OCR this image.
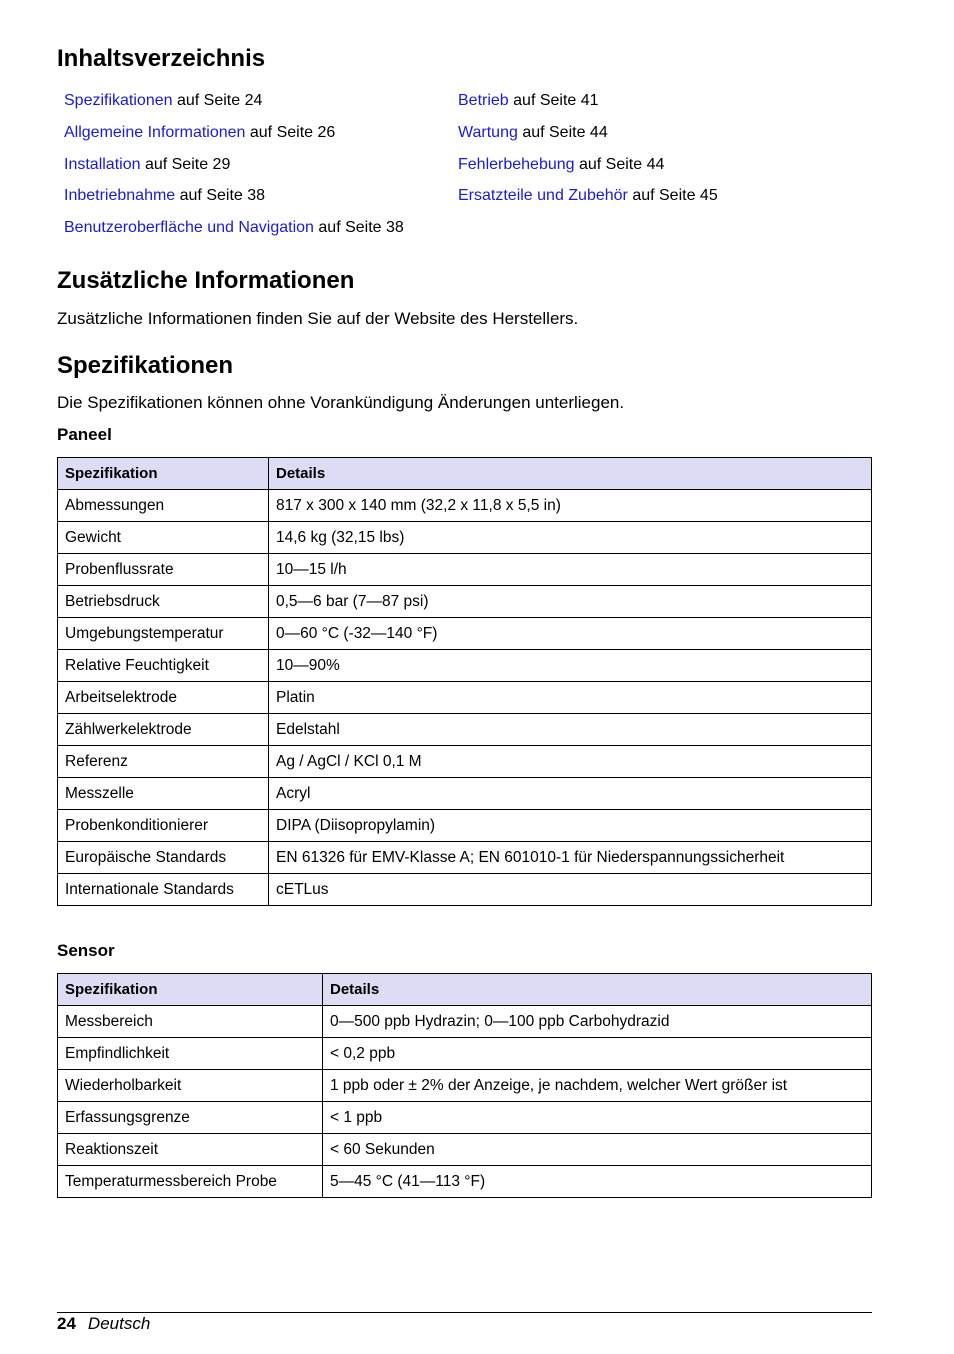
Inhaltsverzeichnis
Spezifikationen auf Seite 24
Allgemeine Informationen auf Seite 26
Installation auf Seite 29
Inbetriebnahme auf Seite 38
Benutzeroberfläche und Navigation auf Seite 38
Betrieb auf Seite 41
Wartung auf Seite 44
Fehlerbehebung auf Seite 44
Ersatzteile und Zubehör auf Seite 45
Zusätzliche Informationen

Zusätzliche Informationen finden Sie auf der Website des Herstellers.

Spezifikationen

Die Spezifikationen können ohne Vorankündigung Änderungen unterliegen.

Paneel
Spezifikation	Details
Abmessungen	817 x 300 x 140 mm (32,2 x 11,8 x 5,5 in)
Gewicht	14,6 kg (32,15 lbs)
Probenflussrate	10—15 l/h
Betriebsdruck	0,5—6 bar (7—87 psi)
Umgebungstemperatur	0—60 °C (-32—140 °F)
Relative Feuchtigkeit	10—90%
Arbeitselektrode	Platin
Zählwerkelektrode	Edelstahl
Referenz	Ag / AgCl / KCl 0,1 M
Messzelle	Acryl
Probenkonditionierer	DIPA (Diisopropylamin)
Europäische Standards	EN 61326 für EMV-Klasse A; EN 601010-1 für Niederspannungssicherheit
Internationale Standards	cETLus
Sensor
Spezifikation	Details
Messbereich	0—500 ppb Hydrazin; 0—100 ppb Carbohydrazid
Empfindlichkeit	< 0,2 ppb
Wiederholbarkeit	1 ppb oder ± 2% der Anzeige, je nachdem, welcher Wert größer ist
Erfassungsgrenze	< 1 ppb
Reaktionszeit	< 60 Sekunden
Temperaturmessbereich Probe	5—45 °C (41—113 °F)
24 Deutsch
